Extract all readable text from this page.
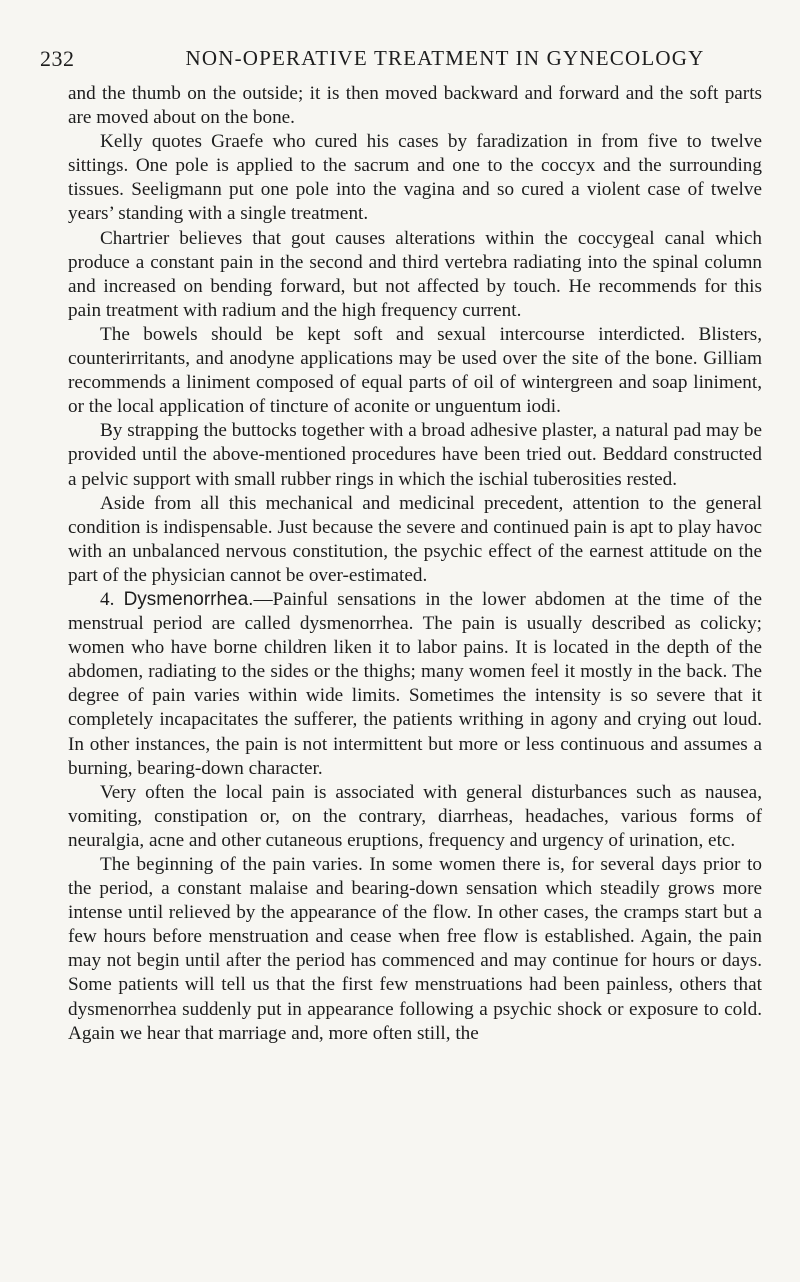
232	NON-OPERATIVE TREATMENT IN GYNECOLOGY

and the thumb on the outside; it is then moved backward and forward and the soft parts are moved about on the bone.

Kelly quotes Graefe who cured his cases by faradization in from five to twelve sittings. One pole is applied to the sacrum and one to the coccyx and the surrounding tissues. Seeligmann put one pole into the vagina and so cured a violent case of twelve years’ standing with a single treatment.

Chartrier believes that gout causes alterations within the coccygeal canal which produce a constant pain in the second and third vertebra radiating into the spinal column and increased on bending forward, but not affected by touch. He recommends for this pain treatment with radium and the high frequency current.

The bowels should be kept soft and sexual intercourse interdicted. Blisters, counterirritants, and anodyne applications may be used over the site of the bone. Gilliam recommends a liniment composed of equal parts of oil of wintergreen and soap liniment, or the local application of tincture of aconite or unguentum iodi.

By strapping the buttocks together with a broad adhesive plaster, a natural pad may be provided until the above-mentioned procedures have been tried out. Beddard constructed a pelvic support with small rubber rings in which the ischial tuberosities rested.

Aside from all this mechanical and medicinal precedent, attention to the general condition is indispensable. Just because the severe and continued pain is apt to play havoc with an unbalanced nervous constitution, the psychic effect of the earnest attitude on the part of the physician cannot be over-estimated.

4. Dysmenorrhea.—Painful sensations in the lower abdomen at the time of the menstrual period are called dysmenorrhea. The pain is usually described as colicky; women who have borne children liken it to labor pains. It is located in the depth of the abdomen, radiating to the sides or the thighs; many women feel it mostly in the back. The degree of pain varies within wide limits. Sometimes the intensity is so severe that it completely incapacitates the sufferer, the patients writhing in agony and crying out loud. In other instances, the pain is not intermittent but more or less continuous and assumes a burning, bearing-down character.

Very often the local pain is associated with general disturbances such as nausea, vomiting, constipation or, on the contrary, diarrheas, headaches, various forms of neuralgia, acne and other cutaneous eruptions, frequency and urgency of urination, etc.

The beginning of the pain varies. In some women there is, for several days prior to the period, a constant malaise and bearing-down sensation which steadily grows more intense until relieved by the appearance of the flow. In other cases, the cramps start but a few hours before menstruation and cease when free flow is established. Again, the pain may not begin until after the period has commenced and may continue for hours or days. Some patients will tell us that the first few menstruations had been painless, others that dysmenorrhea suddenly put in appearance following a psychic shock or exposure to cold. Again we hear that marriage and, more often still, the
